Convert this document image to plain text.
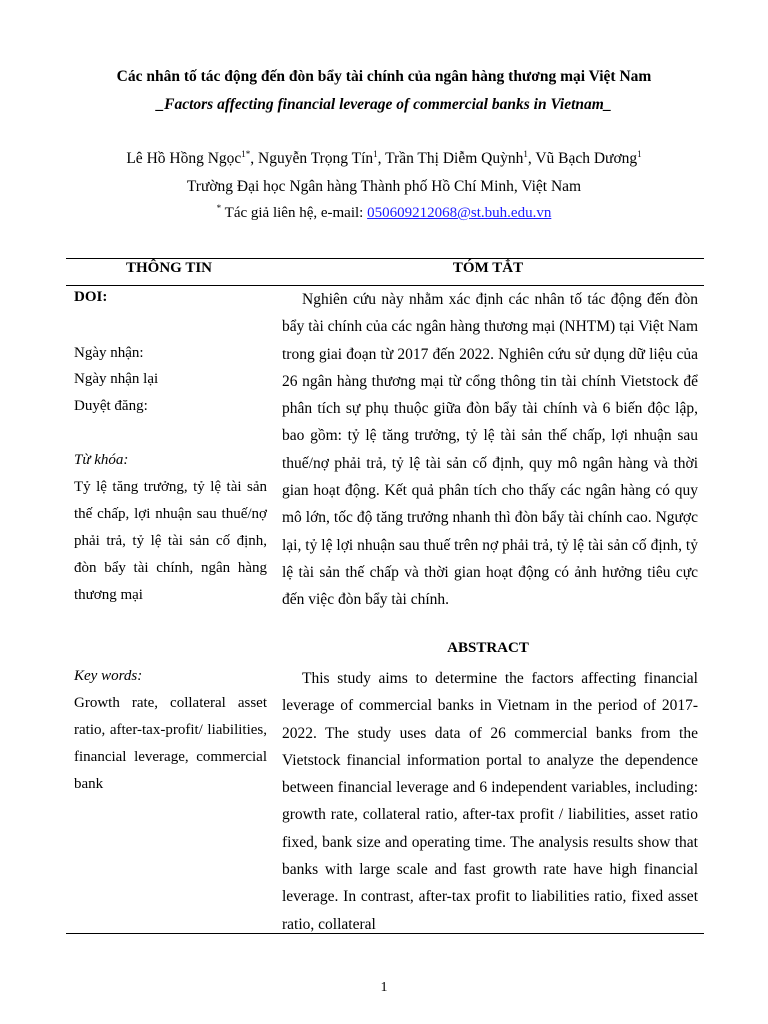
Các nhân tố tác động đến đòn bẩy tài chính của ngân hàng thương mại Việt Nam
_Factors affecting financial leverage of commercial banks in Vietnam_
Lê Hồ Hồng Ngọc$^{1*}$, Nguyễn Trọng Tín$^1$, Trần Thị Diễm Quỳnh$^1$, Vũ Bạch Dương$^1$
Trường Đại học Ngân hàng Thành phố Hồ Chí Minh, Việt Nam
* Tác giả liên hệ, e-mail: 050609212068@st.buh.edu.vn
THÔNG TIN	TÓM TẮT
DOI:
Ngày nhận:
Ngày nhận lại
Duyệt đăng:
Từ khóa:
Tỷ lệ tăng trưởng, tỷ lệ tài sản thế chấp, lợi nhuận sau thuế/nợ phải trả, tỷ lệ tài sản cố định, đòn bẩy tài chính, ngân hàng thương mại
Key words:
Growth rate, collateral asset ratio, after-tax-profit/ liabilities, financial leverage, commercial bank
Nghiên cứu này nhằm xác định các nhân tố tác động đến đòn bẩy tài chính của các ngân hàng thương mại (NHTM) tại Việt Nam trong giai đoạn từ 2017 đến 2022. Nghiên cứu sử dụng dữ liệu của 26 ngân hàng thương mại từ cổng thông tin tài chính Vietstock để phân tích sự phụ thuộc giữa đòn bẩy tài chính và 6 biến độc lập, bao gồm: tỷ lệ tăng trưởng, tỷ lệ tài sản thế chấp, lợi nhuận sau thuế/nợ phải trả, tỷ lệ tài sản cố định, quy mô ngân hàng và thời gian hoạt động. Kết quả phân tích cho thấy các ngân hàng có quy mô lớn, tốc độ tăng trưởng nhanh thì đòn bẩy tài chính cao. Ngược lại, tỷ lệ lợi nhuận sau thuế trên nợ phải trả, tỷ lệ tài sản cố định, tỷ lệ tài sản thế chấp và thời gian hoạt động có ảnh hưởng tiêu cực đến việc đòn bẩy tài chính.
ABSTRACT
This study aims to determine the factors affecting financial leverage of commercial banks in Vietnam in the period of 2017-2022. The study uses data of 26 commercial banks from the Vietstock financial information portal to analyze the dependence between financial leverage and 6 independent variables, including: growth rate, collateral ratio, after-tax profit / liabilities, asset ratio fixed, bank size and operating time. The analysis results show that banks with large scale and fast growth rate have high financial leverage. In contrast, after-tax profit to liabilities ratio, fixed asset ratio, collateral
1
